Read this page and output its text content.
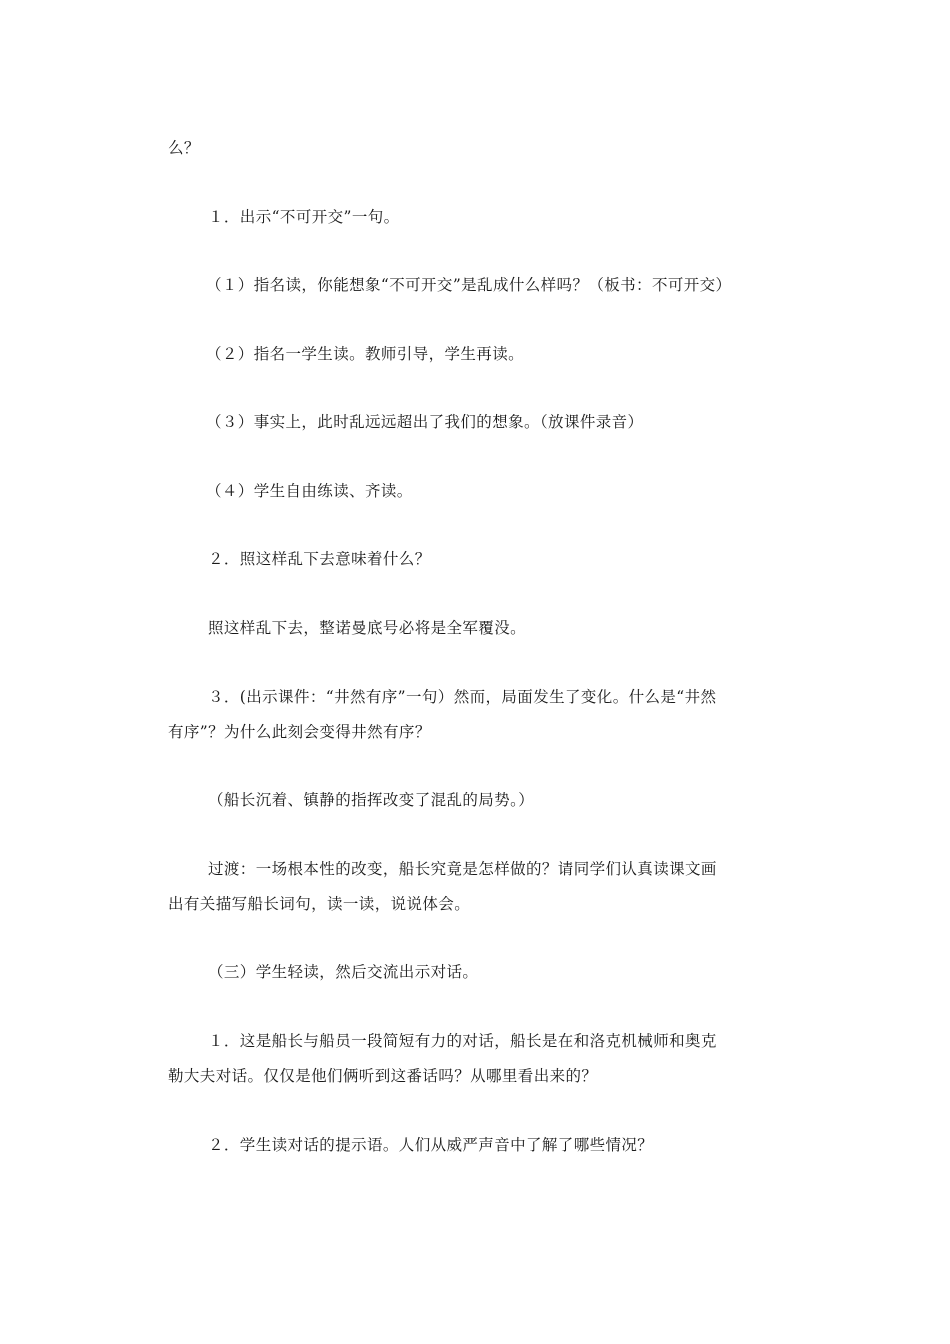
么？
１．出示“不可开交”一句。
（１）指名读，你能想象“不可开交”是乱成什么样吗？（板书：不可开交）
（２）指名一学生读。教师引导，学生再读。
（３）事实上，此时乱远远超出了我们的想象。（放课件录音）
（４）学生自由练读、齐读。
２．照这样乱下去意味着什么？
照这样乱下去，整诺曼底号必将是全军覆没。
３．(出示课件：“井然有序”一句）然而，局面发生了变化。什么是“井然
有序”？为什么此刻会变得井然有序？
（船长沉着、镇静的指挥改变了混乱的局势。）
过渡：一场根本性的改变，船长究竟是怎样做的？请同学们认真读课文画
出有关描写船长词句，读一读，说说体会。
（三）学生轻读，然后交流出示对话。
１．这是船长与船员一段简短有力的对话，船长是在和洛克机械师和奥克
勒大夫对话。仅仅是他们俩听到这番话吗？从哪里看出来的？
２．学生读对话的提示语。人们从威严声音中了解了哪些情况？
